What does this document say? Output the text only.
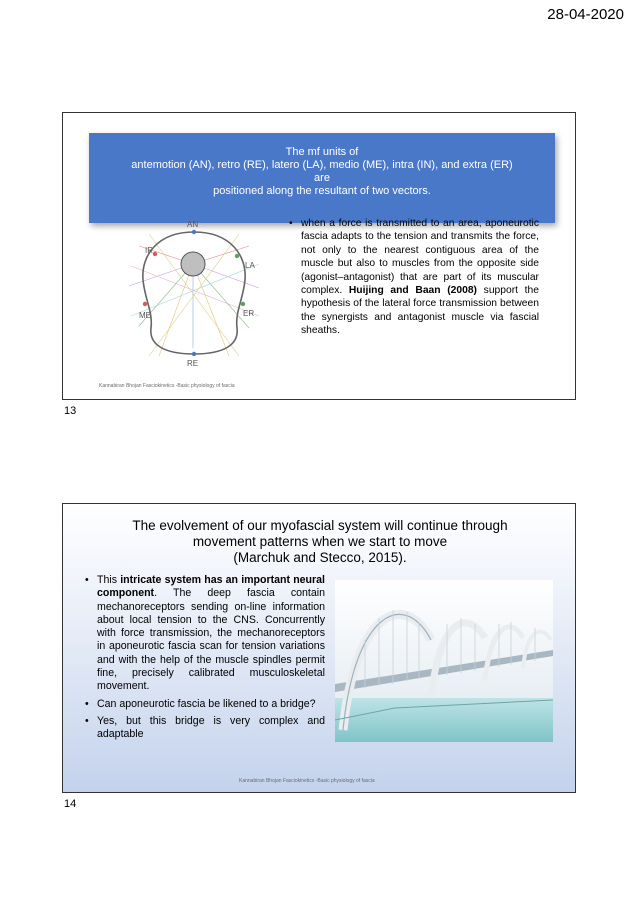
28-04-2020
The mf units of
antemotion (AN), retro (RE), latero (LA), medio (ME), intra (IN), and extra (ER)
are
positioned along the resultant of two vectors.
AN
IR
LA
ME	ER
RE
• when a force is transmitted to an area, aponeurotic fascia adapts to the tension and transmits the force, not only to the nearest contiguous area of the muscle but also to muscles from the opposite side (agonist–antagonist) that are part of its muscular complex. Huijing and Baan (2008) support the hypothesis of the lateral force transmission between the synergists and antagonist muscle via fascial sheaths.
Kannabiran Bhojan Fasciokinetics -Basic physiology of fascia
13
The evolvement of our myofascial system will continue through
movement patterns when we start to move
(Marchuk and Stecco, 2015).
• This intricate system has an important neural component. The deep fascia contain mechanoreceptors sending on-line information about local tension to the CNS. Concurrently with force transmission, the mechanoreceptors in aponeurotic fascia scan for tension variations and with the help of the muscle spindles permit fine, precisely calibrated musculoskeletal movement.
• Can aponeurotic fascia be likened to a bridge?
• Yes, but this bridge is very complex and adaptable
Kannabiran Bhojan Fasciokinetics -Basic physiology of fascia
14
